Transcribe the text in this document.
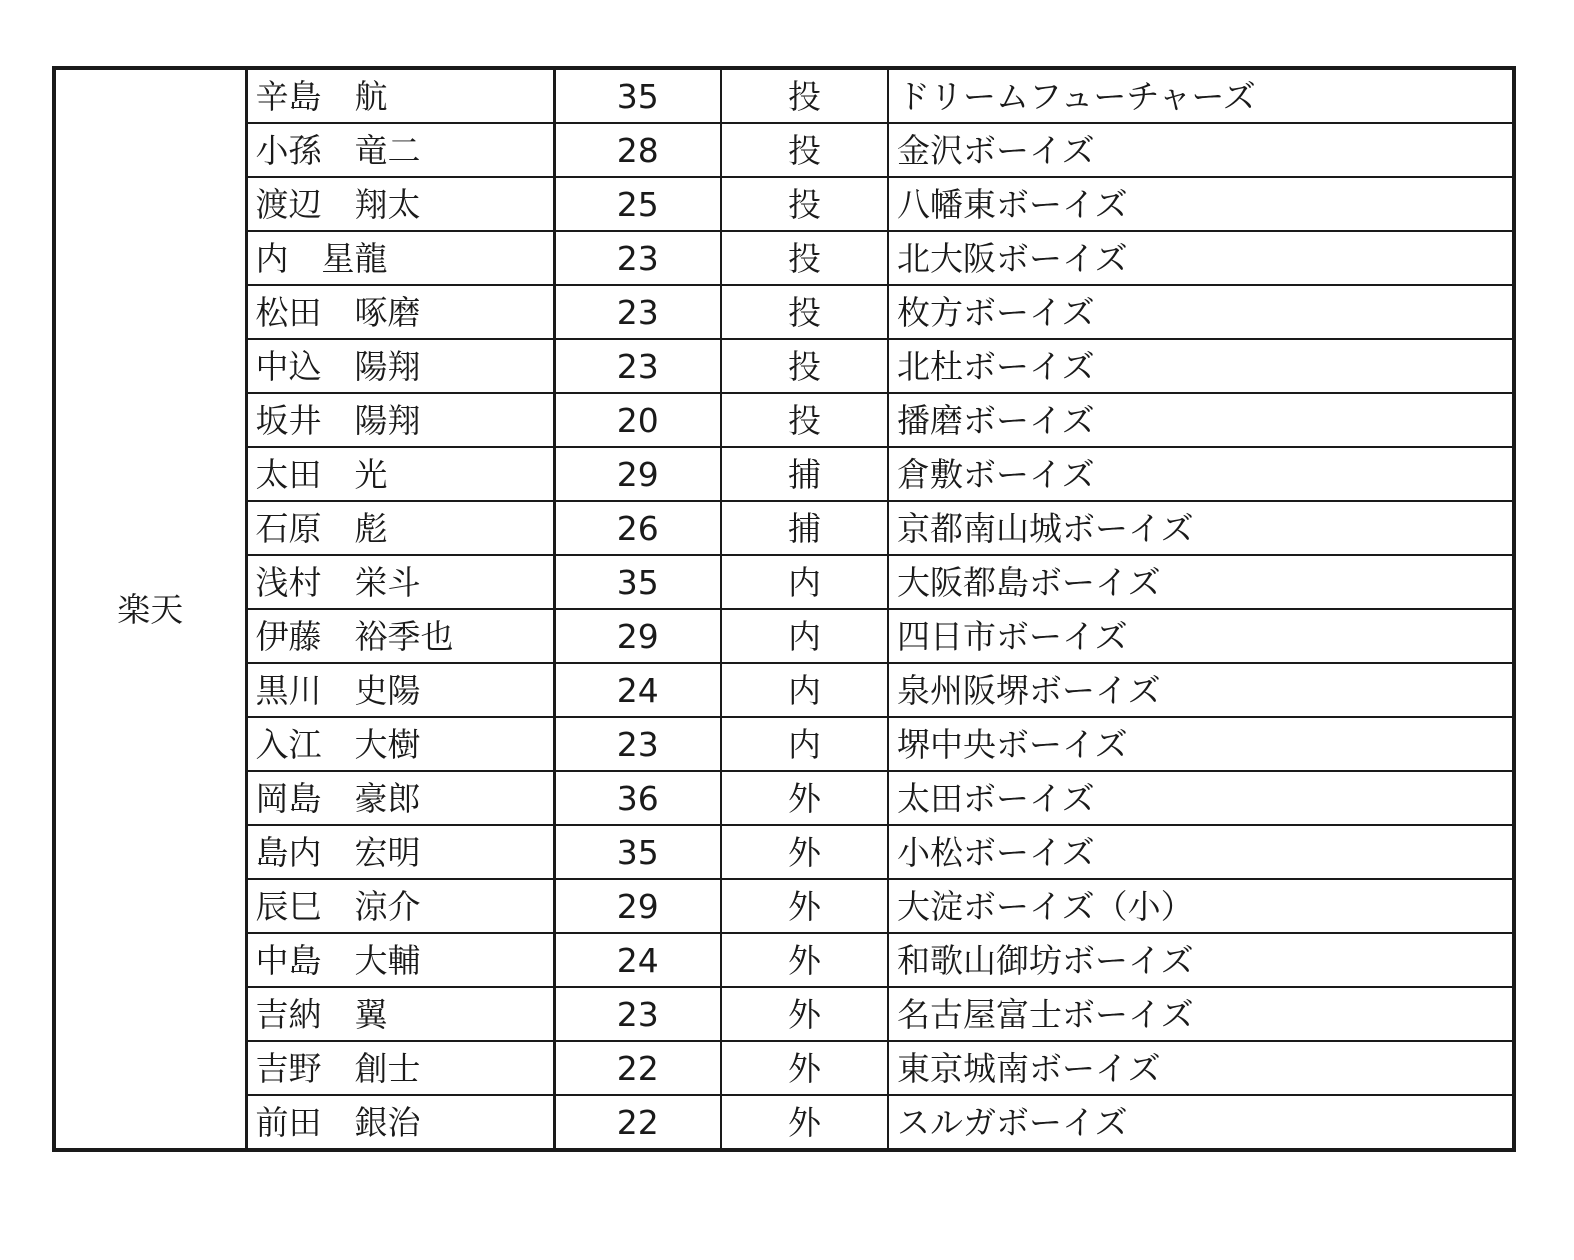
楽天	辛島　航	35	投	ドリームフューチャーズ
	小孫　竜二	28	投	金沢ボーイズ
	渡辺　翔太	25	投	八幡東ボーイズ
	内　星龍	23	投	北大阪ボーイズ
	松田　啄磨	23	投	枚方ボーイズ
	中込　陽翔	23	投	北杜ボーイズ
	坂井　陽翔	20	投	播磨ボーイズ
	太田　光	29	捕	倉敷ボーイズ
	石原　彪	26	捕	京都南山城ボーイズ
	浅村　栄斗	35	内	大阪都島ボーイズ
	伊藤　裕季也	29	内	四日市ボーイズ
	黒川　史陽	24	内	泉州阪堺ボーイズ
	入江　大樹	23	内	堺中央ボーイズ
	岡島　豪郎	36	外	太田ボーイズ
	島内　宏明	35	外	小松ボーイズ
	辰巳　涼介	29	外	大淀ボーイズ（小）
	中島　大輔	24	外	和歌山御坊ボーイズ
	吉納　翼	23	外	名古屋富士ボーイズ
	吉野　創士	22	外	東京城南ボーイズ
	前田　銀治	22	外	スルガボーイズ
